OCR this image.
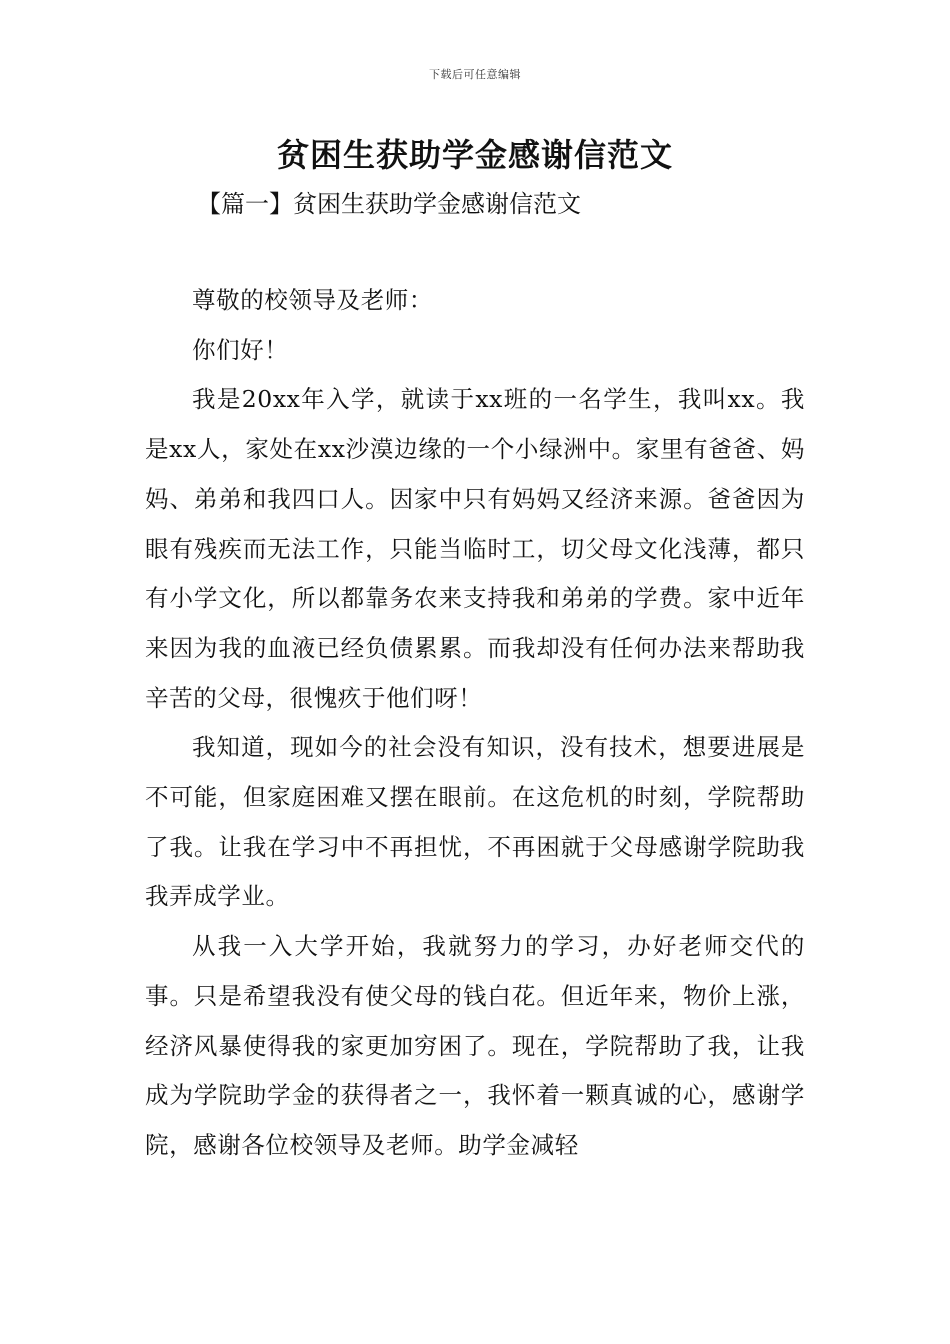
下载后可任意编辑
贫困生获助学金感谢信范文
【篇一】贫困生获助学金感谢信范文

尊敬的校领导及老师：

你们好！

我是20xx年入学，就读于xx班的一名学生，我叫xx。我是xx人，家处在xx沙漠边缘的一个小绿洲中。家里有爸爸、妈妈、弟弟和我四口人。因家中只有妈妈又经济来源。爸爸因为眼有残疾而无法工作，只能当临时工，切父母文化浅薄，都只有小学文化，所以都靠务农来支持我和弟弟的学费。家中近年来因为我的血液已经负债累累。而我却没有任何办法来帮助我辛苦的父母，很愧疚于他们呀！

我知道，现如今的社会没有知识，没有技术，想要进展是不可能，但家庭困难又摆在眼前。在这危机的时刻，学院帮助了我。让我在学习中不再担忧，不再困就于父母感谢学院助我我弄成学业。

从我一入大学开始，我就努力的学习，办好老师交代的事。只是希望我没有使父母的钱白花。但近年来，物价上涨，经济风暴使得我的家更加穷困了。现在，学院帮助了我，让我成为学院助学金的获得者之一，我怀着一颗真诚的心，感谢学院，感谢各位校领导及老师。助学金减轻
